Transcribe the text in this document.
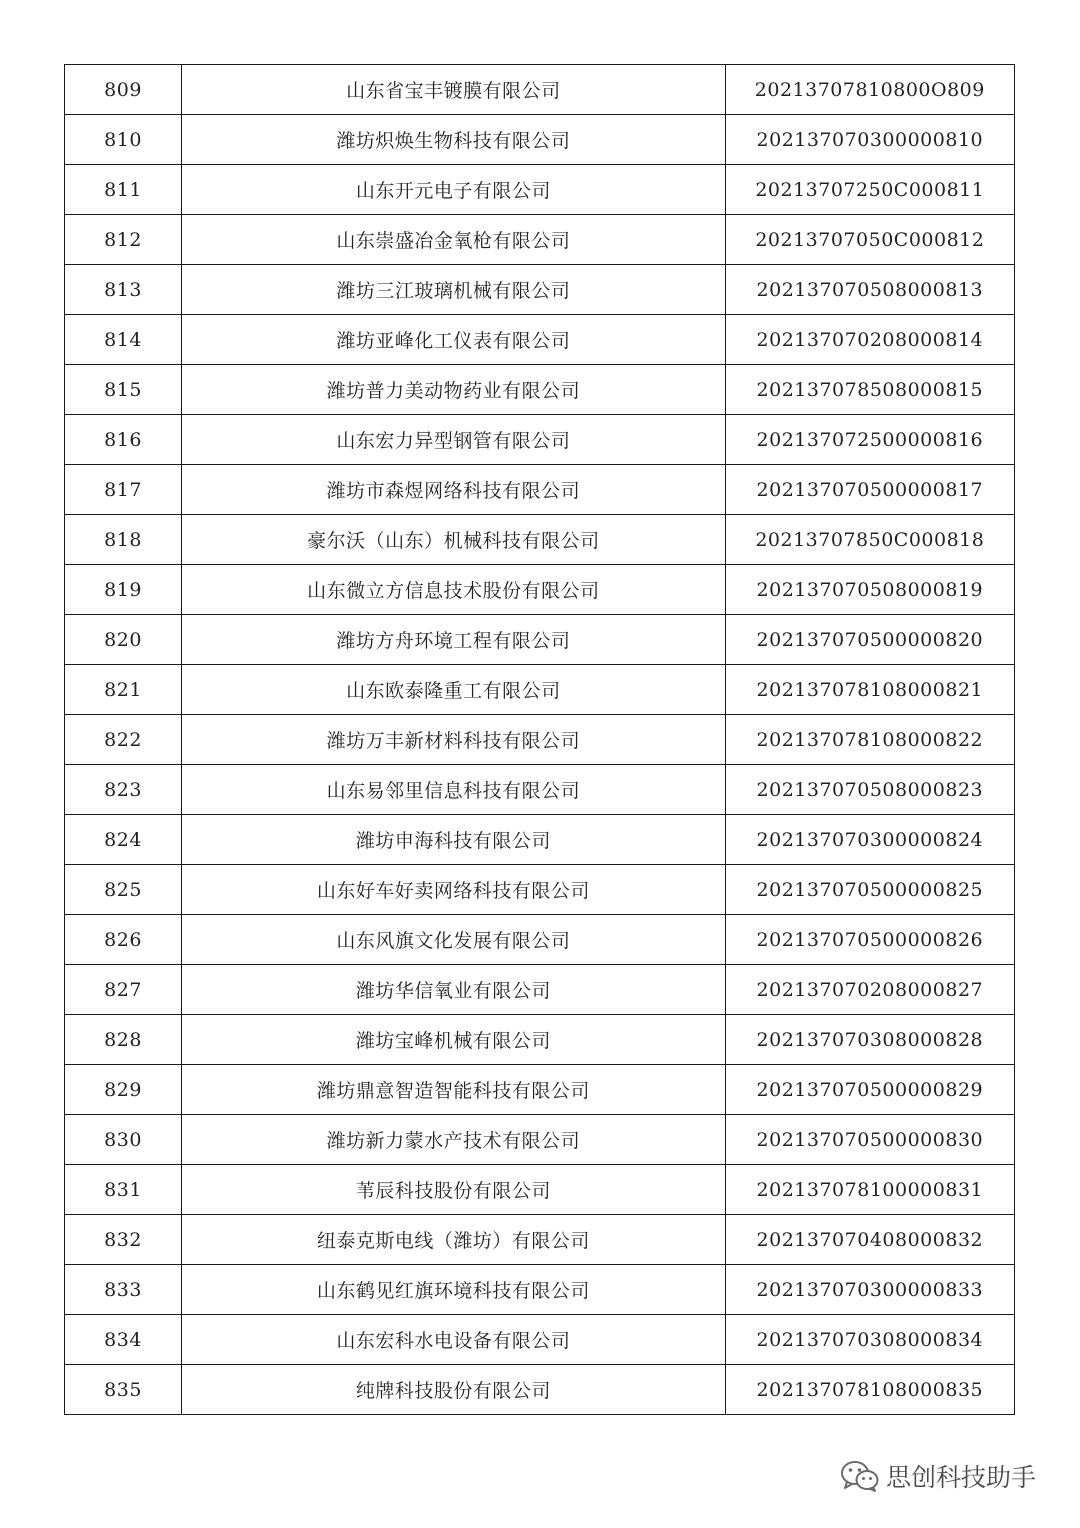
809	山东省宝丰镀膜有限公司	20213707810800O809
810	潍坊炽焕生物科技有限公司	202137070300000810
811	山东开元电子有限公司	20213707250C000811
812	山东崇盛冶金氧枪有限公司	20213707050C000812
813	潍坊三江玻璃机械有限公司	202137070508000813
814	潍坊亚峰化工仪表有限公司	202137070208000814
815	潍坊普力美动物药业有限公司	202137078508000815
816	山东宏力异型钢管有限公司	202137072500000816
817	潍坊市森煜网络科技有限公司	202137070500000817
818	豪尔沃（山东）机械科技有限公司	20213707850C000818
819	山东微立方信息技术股份有限公司	202137070508000819
820	潍坊方舟环境工程有限公司	202137070500000820
821	山东欧泰隆重工有限公司	202137078108000821
822	潍坊万丰新材料科技有限公司	202137078108000822
823	山东易邻里信息科技有限公司	202137070508000823
824	潍坊申海科技有限公司	202137070300000824
825	山东好车好卖网络科技有限公司	202137070500000825
826	山东风旗文化发展有限公司	202137070500000826
827	潍坊华信氧业有限公司	202137070208000827
828	潍坊宝峰机械有限公司	202137070308000828
829	潍坊鼎意智造智能科技有限公司	202137070500000829
830	潍坊新力蒙水产技术有限公司	202137070500000830
831	苇辰科技股份有限公司	202137078100000831
832	纽泰克斯电线（潍坊）有限公司	202137070408000832
833	山东鹤见红旗环境科技有限公司	202137070300000833
834	山东宏科水电设备有限公司	202137070308000834
835	纯牌科技股份有限公司	202137078108000835
思创科技助手
